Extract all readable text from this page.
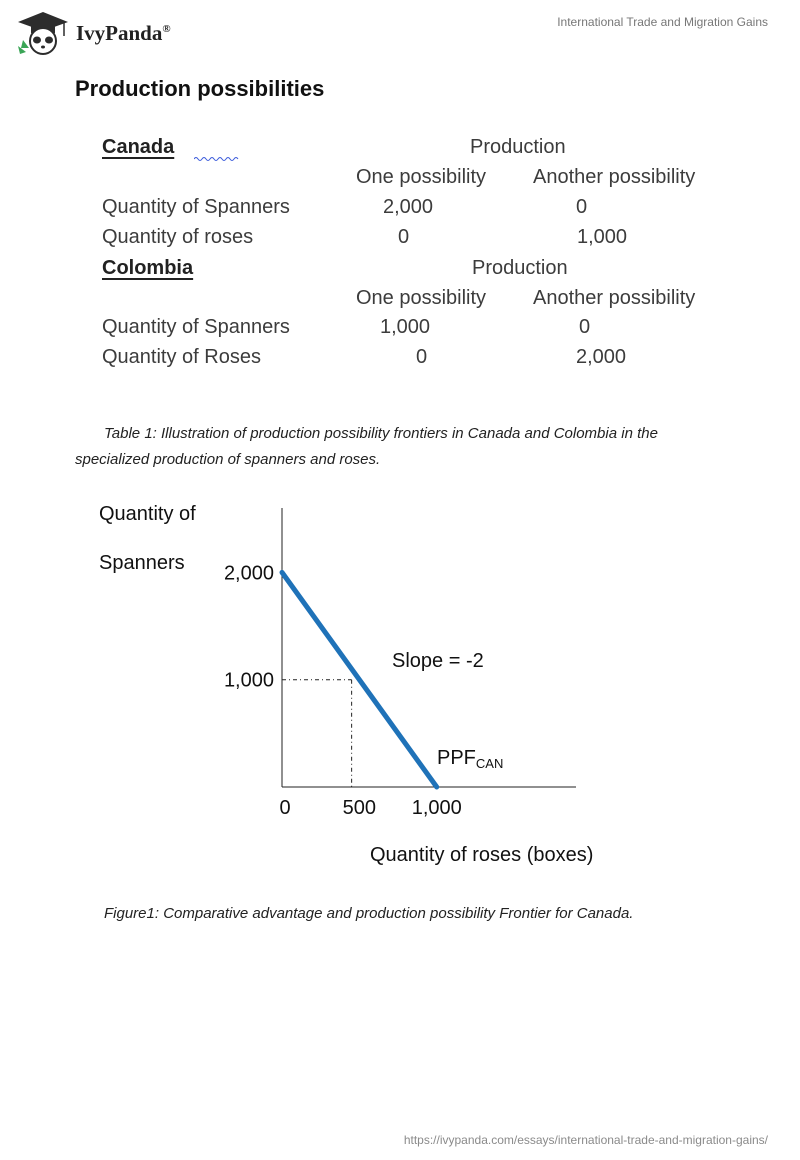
IvyPanda®	International Trade and Migration Gains
Production possibilities
Canada	Production
One possibility Another possibility
Quantity of Spanners	2,000	0
Quantity of roses	0	1,000
Colombia	Production
One possibility Another possibility
Quantity of Spanners	1,000	0
Quantity of Roses	0	2,000
Table 1: Illustration of production possibility frontiers in Canada and Colombia in the specialized production of spanners and roses.
Quantity of
Spanners 2,000
1,000
0	500 1,000
Slope = -2
$PPF_{CAN}$
Quantity of roses (boxes)
Figure1: Comparative advantage and production possibility Frontier for Canada.
https://ivypanda.com/essays/international-trade-and-migration-gains/
